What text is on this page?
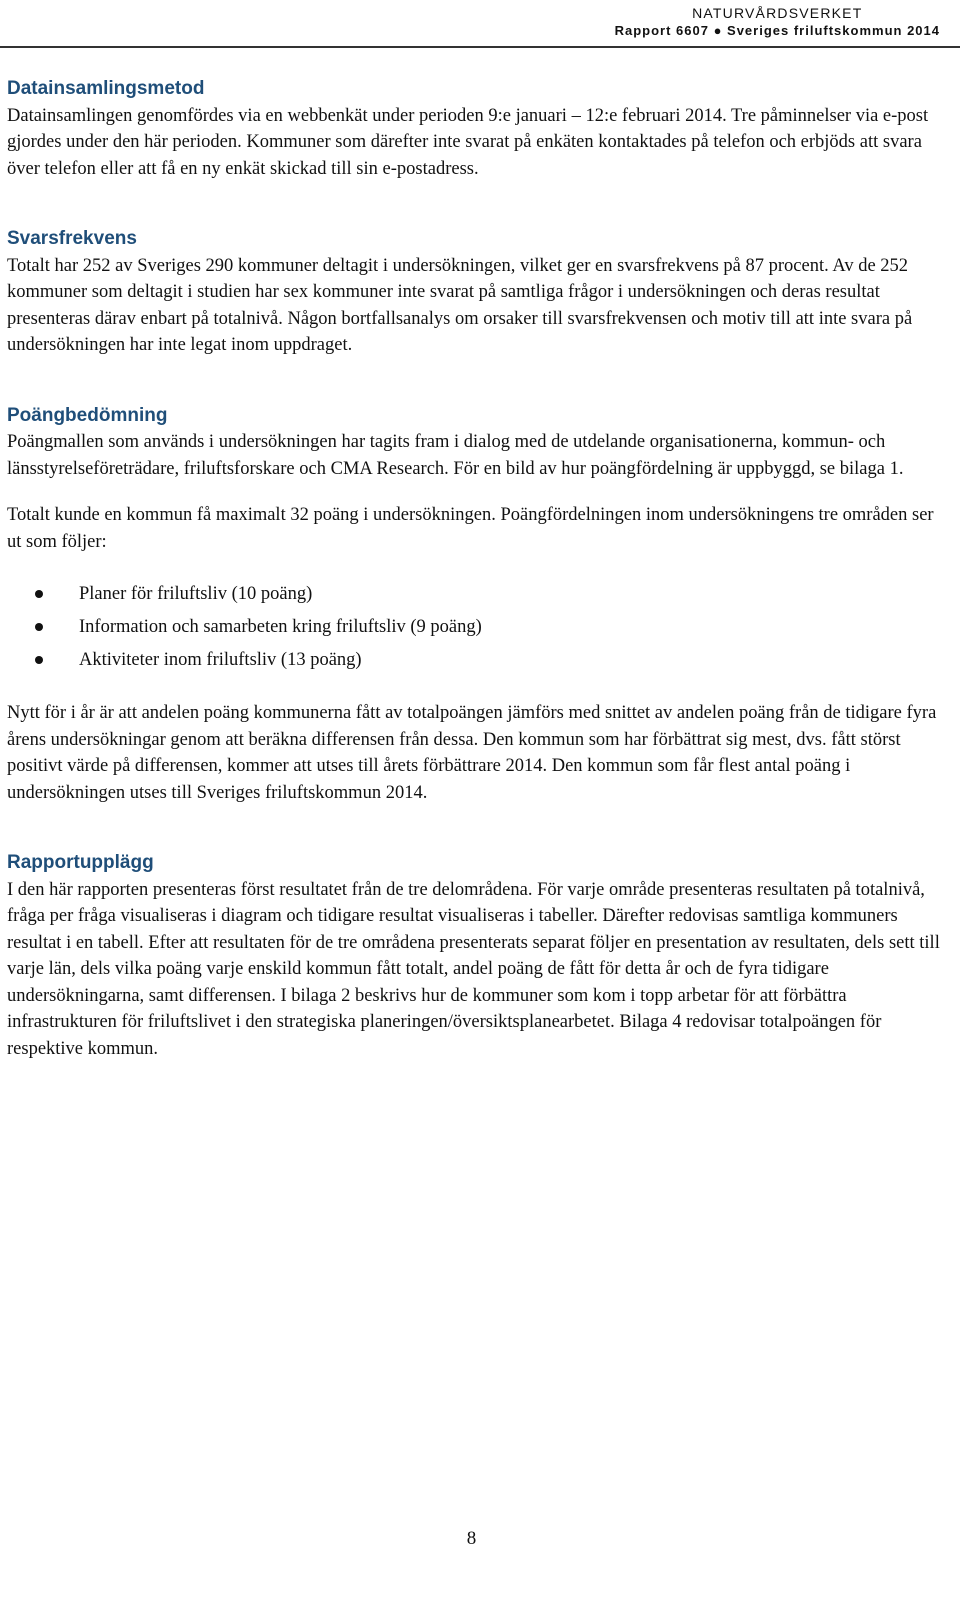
NATURVÅRDSVERKET
Rapport 6607 ● Sveriges friluftskommun 2014
Datainsamlingsmetod

Datainsamlingen genomfördes via en webbenkät under perioden 9:e januari – 12:e februari 2014. Tre påminnelser via e-post gjordes under den här perioden. Kommuner som därefter inte svarat på enkäten kontaktades på telefon och erbjöds att svara över telefon eller att få en ny enkät skickad till sin e-postadress.

Svarsfrekvens

Totalt har 252 av Sveriges 290 kommuner deltagit i undersökningen, vilket ger en svarsfrekvens på 87 procent. Av de 252 kommuner som deltagit i studien har sex kommuner inte svarat på samtliga frågor i undersökningen och deras resultat presenteras därav enbart på totalnivå. Någon bortfallsanalys om orsaker till svarsfrekvensen och motiv till att inte svara på undersökningen har inte legat inom uppdraget.

Poängbedömning

Poängmallen som används i undersökningen har tagits fram i dialog med de utdelande organisationerna, kommun- och länsstyrelseföreträdare, friluftsforskare och CMA Research. För en bild av hur poängfördelning är uppbyggd, se bilaga 1.

Totalt kunde en kommun få maximalt 32 poäng i undersökningen. Poängfördelningen inom undersökningens tre områden ser ut som följer:

Planer för friluftsliv (10 poäng)
Information och samarbeten kring friluftsliv (9 poäng)
Aktiviteter inom friluftsliv (13 poäng)

Nytt för i år är att andelen poäng kommunerna fått av totalpoängen jämförs med snittet av andelen poäng från de tidigare fyra årens undersökningar genom att beräkna differensen från dessa. Den kommun som har förbättrat sig mest, dvs. fått störst positivt värde på differensen, kommer att utses till årets förbättrare 2014. Den kommun som får flest antal poäng i undersökningen utses till Sveriges friluftskommun 2014.

Rapportupplägg

I den här rapporten presenteras först resultatet från de tre delområdena. För varje område presenteras resultaten på totalnivå, fråga per fråga visualiseras i diagram och tidigare resultat visualiseras i tabeller. Därefter redovisas samtliga kommuners resultat i en tabell. Efter att resultaten för de tre områdena presenterats separat följer en presentation av resultaten, dels sett till varje län, dels vilka poäng varje enskild kommun fått totalt, andel poäng de fått för detta år och de fyra tidigare undersökningarna, samt differensen. I bilaga 2 beskrivs hur de kommuner som kom i topp arbetar för att förbättra infrastrukturen för friluftslivet i den strategiska planeringen/översiktsplanearbetet. Bilaga 4 redovisar totalpoängen för respektive kommun.

8
